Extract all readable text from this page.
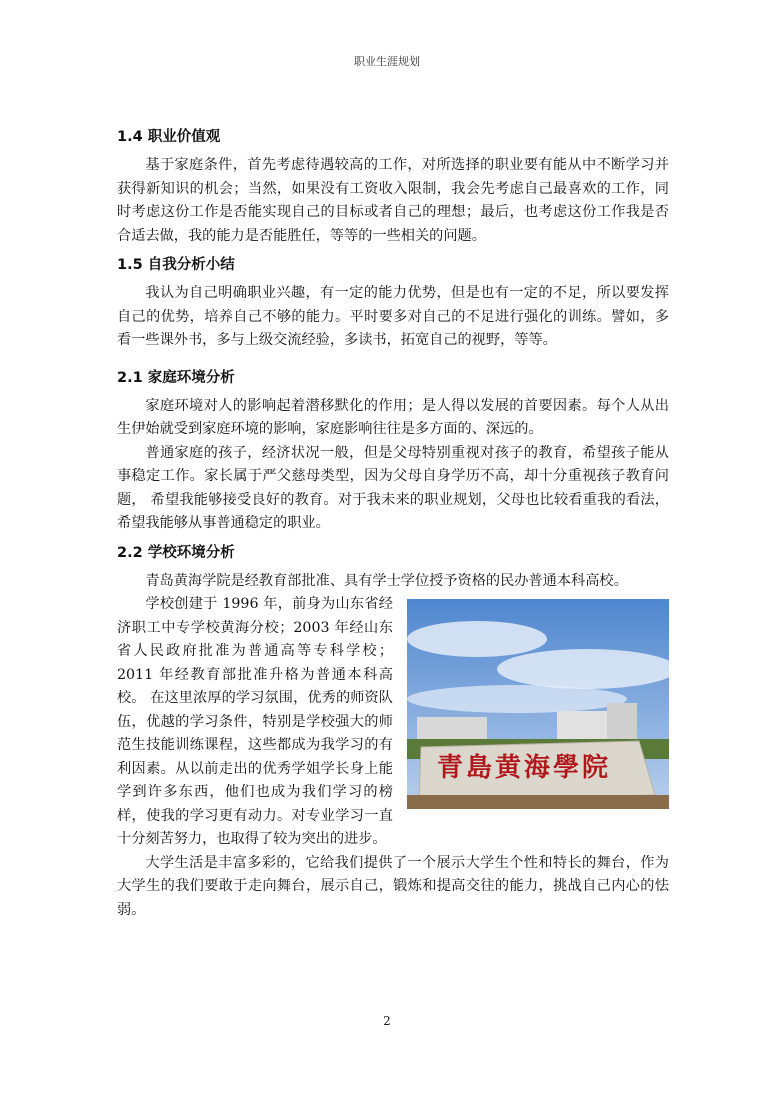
职业生涯规划
1.4 职业价值观

基于家庭条件，首先考虑待遇较高的工作，对所选择的职业要有能从中不断学习并获得新知识的机会；当然，如果没有工资收入限制，我会先考虑自己最喜欢的工作，同时考虑这份工作是否能实现自己的目标或者自己的理想；最后，也考虑这份工作我是否合适去做，我的能力是否能胜任，等等的一些相关的问题。

1.5 自我分析小结

我认为自己明确职业兴趣，有一定的能力优势，但是也有一定的不足，所以要发挥自己的优势，培养自己不够的能力。平时要多对自己的不足进行强化的训练。譬如，多看一些课外书，多与上级交流经验，多读书，拓宽自己的视野，等等。

2.1 家庭环境分析

家庭环境对人的影响起着潜移默化的作用；是人得以发展的首要因素。每个人从出生伊始就受到家庭环境的影响，家庭影响往往是多方面的、深远的。

普通家庭的孩子，经济状况一般，但是父母特别重视对孩子的教育，希望孩子能从事稳定工作。家长属于严父慈母类型，因为父母自身学历不高，却十分重视孩子教育问题， 希望我能够接受良好的教育。对于我未来的职业规划，父母也比较看重我的看法，希望我能够从事普通稳定的职业。

2.2 学校环境分析

青岛黄海学院是经教育部批准、具有学士学位授予资格的民办普通本科高校。

青島黄海學院

学校创建于 1996 年，前身为山东省经济职工中专学校黄海分校；2003 年经山东省人民政府批准为普通高等专科学校；2011 年经教育部批准升格为普通本科高校。 在这里浓厚的学习氛围，优秀的师资队伍，优越的学习条件，特别是学校强大的师范生技能训练课程，这些都成为我学习的有利因素。从以前走出的优秀学姐学长身上能学到许多东西，他们也成为我们学习的榜样，使我的学习更有动力。对专业学习一直十分刻苦努力，也取得了较为突出的进步。

大学生活是丰富多彩的，它给我们提供了一个展示大学生个性和特长的舞台，作为大学生的我们要敢于走向舞台，展示自己，锻炼和提高交往的能力，挑战自己内心的怯弱。

2
